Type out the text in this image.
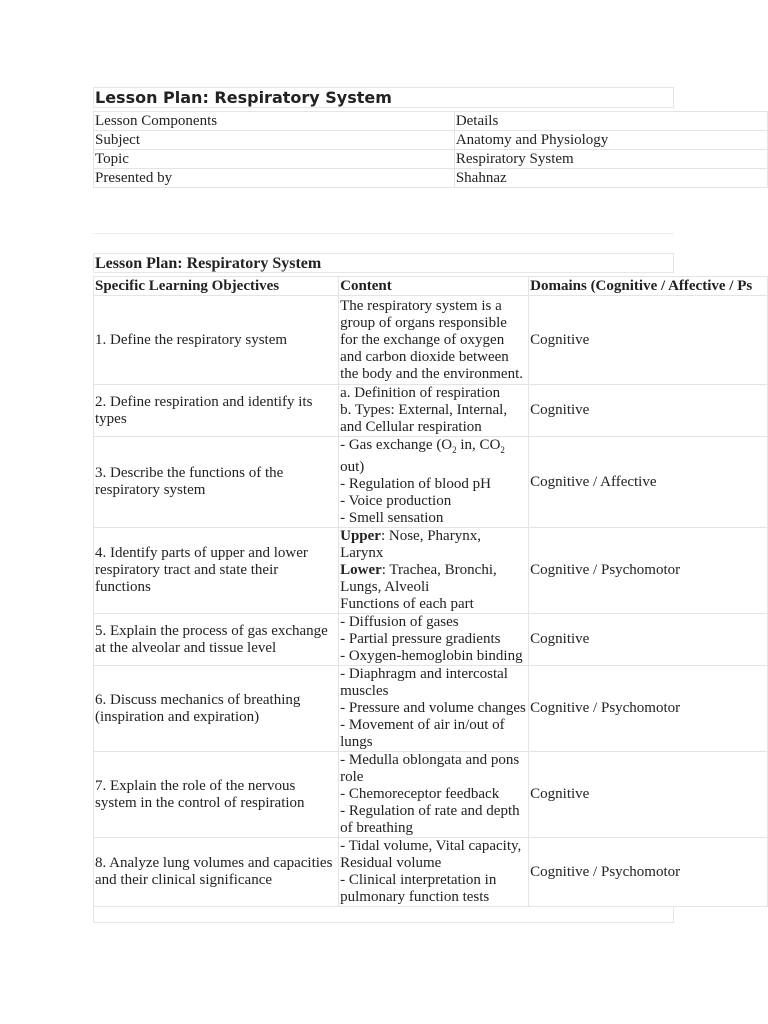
Lesson Plan: Respiratory System
Lesson Components	Details
Subject	Anatomy and Physiology
Topic	Respiratory System
Presented by	Shahnaz
Lesson Plan: Respiratory System
Specific Learning Objectives	Content	Domains (Cognitive / Affective / Ps
1. Define the respiratory system	The respiratory system is a group of organs responsible for the exchange of oxygen and carbon dioxide between the body and the environment.	Cognitive
2. Define respiration and identify its types	a. Definition of respiration
b. Types: External, Internal, and Cellular respiration	Cognitive
3. Describe the functions of the respiratory system	- Gas exchange ($O_2$ in, $CO_2$ out)
- Regulation of blood pH
- Voice production
- Smell sensation	Cognitive / Affective
4. Identify parts of upper and lower respiratory tract and state their functions	Upper: Nose, Pharynx, Larynx
Lower: Trachea, Bronchi, Lungs, Alveoli
Functions of each part	Cognitive / Psychomotor
5. Explain the process of gas exchange at the alveolar and tissue level	- Diffusion of gases
- Partial pressure gradients
- Oxygen-hemoglobin binding	Cognitive
6. Discuss mechanics of breathing (inspiration and expiration)	- Diaphragm and intercostal muscles
- Pressure and volume changes
- Movement of air in/out of lungs	Cognitive / Psychomotor
7. Explain the role of the nervous system in the control of respiration	- Medulla oblongata and pons role
- Chemoreceptor feedback
- Regulation of rate and depth of breathing	Cognitive
8. Analyze lung volumes and capacities and their clinical significance	- Tidal volume, Vital capacity, Residual volume
- Clinical interpretation in pulmonary function tests	Cognitive / Psychomotor
